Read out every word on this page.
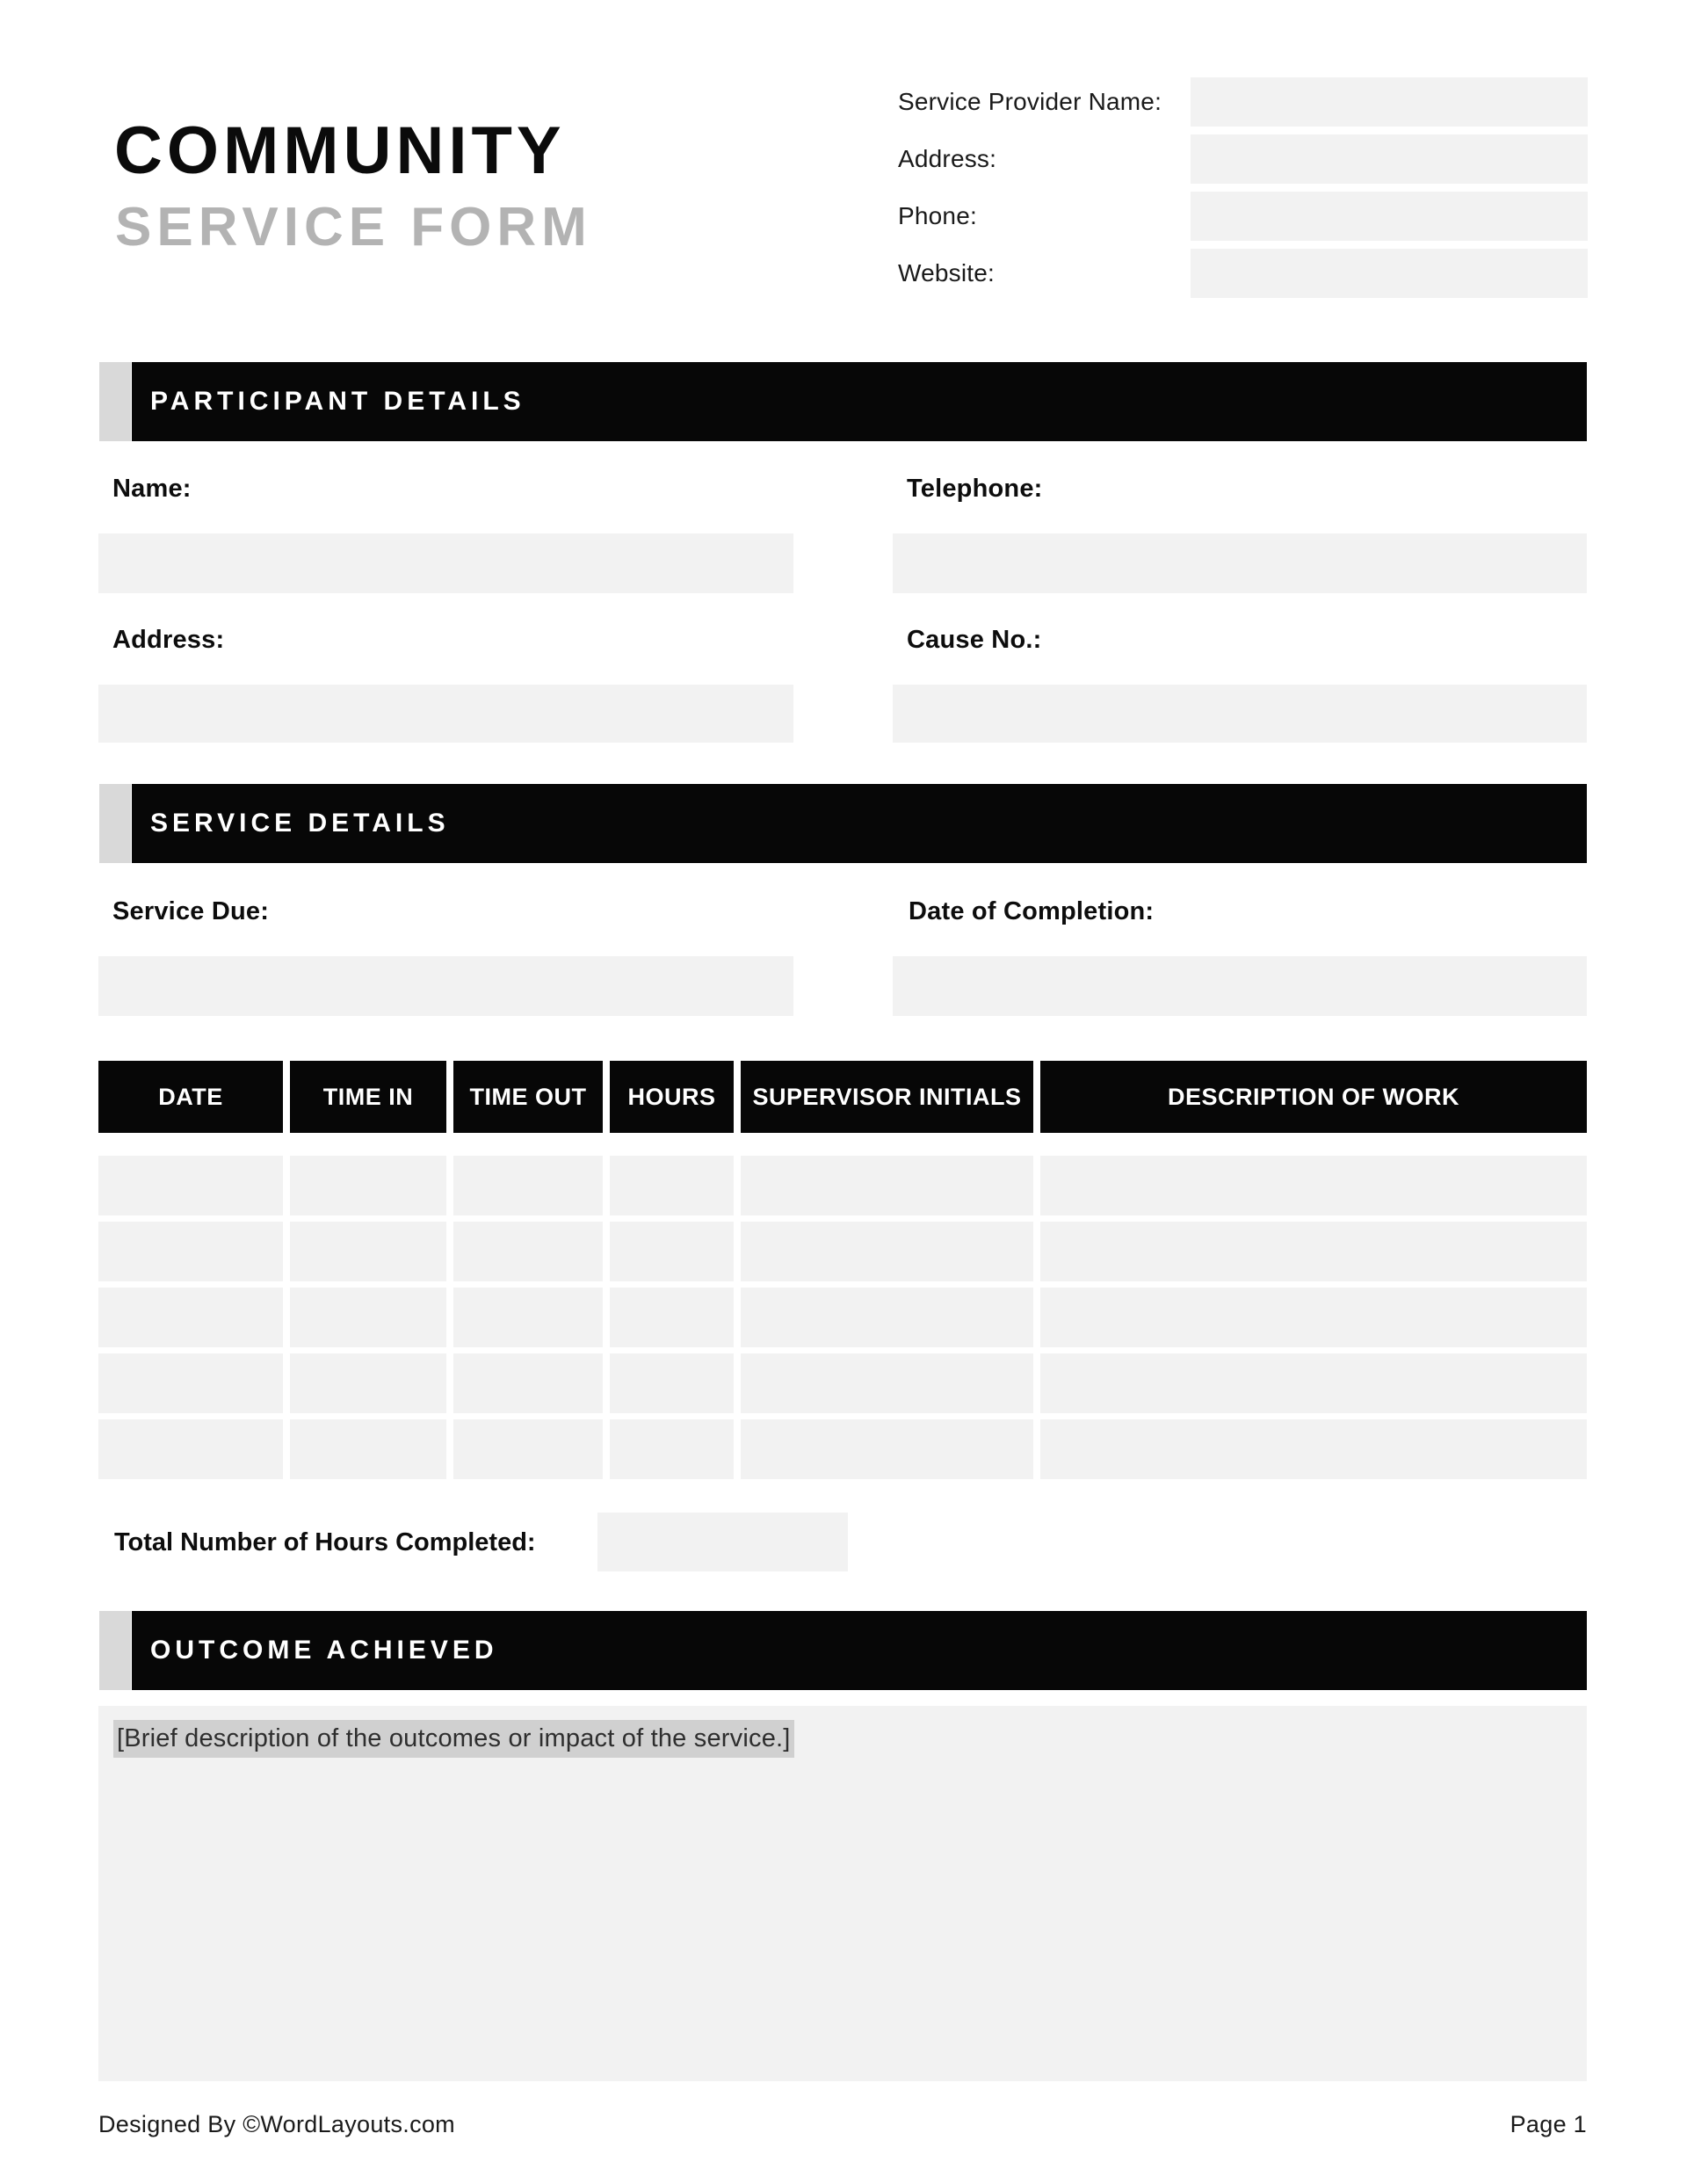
COMMUNITY
SERVICE FORM
Service Provider Name:
Address:
Phone:
Website:
PARTICIPANT DETAILS
Name:	Telephone:
Address:	Cause No.:
SERVICE DETAILS
Service Due:	Date of Completion:
DATE	TIME IN	TIME OUT	HOURS	SUPERVISOR INITIALS	DESCRIPTION OF WORK
Total Number of Hours Completed:
OUTCOME ACHIEVED
[Brief description of the outcomes or impact of the service.]
Designed By ©WordLayouts.com	Page 1
